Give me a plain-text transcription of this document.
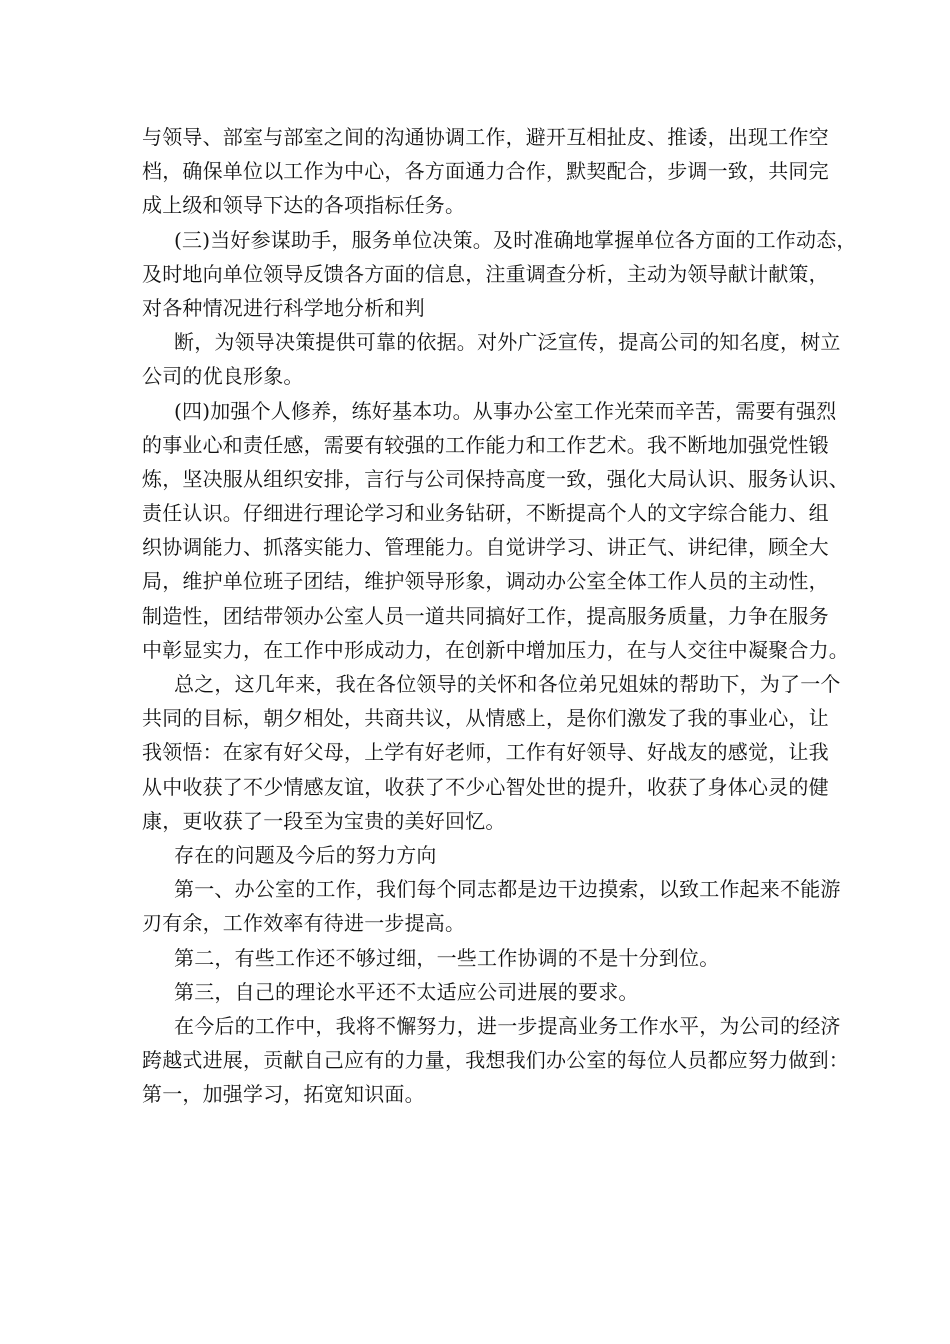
与领导、部室与部室之间的沟通协调工作，避开互相扯皮、推诿，出现工作空
档，确保单位以工作为中心，各方面通力合作，默契配合，步调一致，共同完
成上级和领导下达的各项指标任务。
(三)当好参谋助手，服务单位决策。及时准确地掌握单位各方面的工作动态，
及时地向单位领导反馈各方面的信息，注重调查分析，主动为领导献计献策，
对各种情况进行科学地分析和判
断，为领导决策提供可靠的依据。对外广泛宣传，提高公司的知名度，树立
公司的优良形象。
(四)加强个人修养，练好基本功。从事办公室工作光荣而辛苦，需要有强烈
的事业心和责任感，需要有较强的工作能力和工作艺术。我不断地加强党性锻
炼，坚决服从组织安排，言行与公司保持高度一致，强化大局认识、服务认识、
责任认识。仔细进行理论学习和业务钻研，不断提高个人的文字综合能力、组
织协调能力、抓落实能力、管理能力。自觉讲学习、讲正气、讲纪律，顾全大
局，维护单位班子团结，维护领导形象，调动办公室全体工作人员的主动性，
制造性，团结带领办公室人员一道共同搞好工作，提高服务质量，力争在服务
中彰显实力，在工作中形成动力，在创新中增加压力，在与人交往中凝聚合力。
总之，这几年来，我在各位领导的关怀和各位弟兄姐妹的帮助下，为了一个
共同的目标，朝夕相处，共商共议，从情感上，是你们激发了我的事业心，让
我领悟：在家有好父母，上学有好老师，工作有好领导、好战友的感觉，让我
从中收获了不少情感友谊，收获了不少心智处世的提升，收获了身体心灵的健
康，更收获了一段至为宝贵的美好回忆。
存在的问题及今后的努力方向
第一、办公室的工作，我们每个同志都是边干边摸索，以致工作起来不能游
刃有余，工作效率有待进一步提高。
第二，有些工作还不够过细，一些工作协调的不是十分到位。
第三，自己的理论水平还不太适应公司进展的要求。
在今后的工作中，我将不懈努力，进一步提高业务工作水平，为公司的经济
跨越式进展，贡献自己应有的力量，我想我们办公室的每位人员都应努力做到：
第一，加强学习，拓宽知识面。
